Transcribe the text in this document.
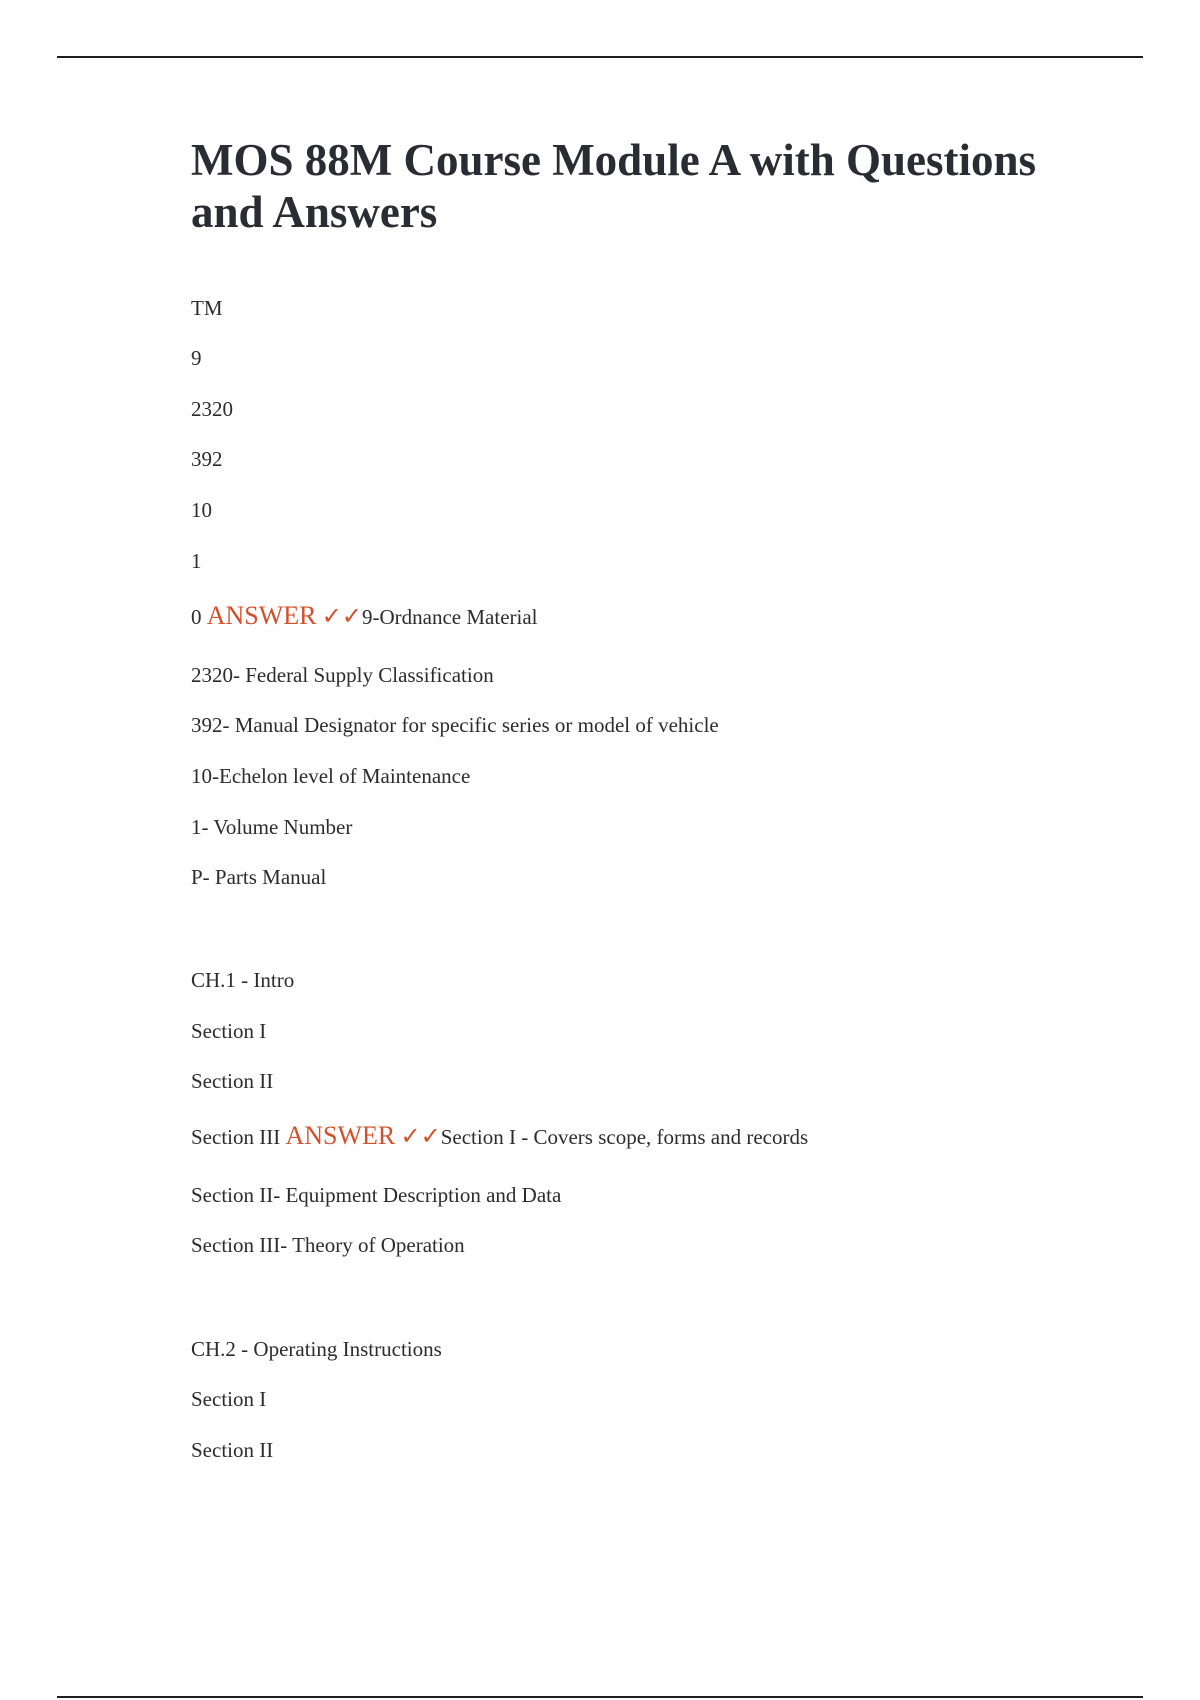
MOS 88M Course Module A with Questions and Answers
TM
9
2320
392
10
1
0 ANSWER ✓✓9-Ordnance Material
2320- Federal Supply Classification
392- Manual Designator for specific series or model of vehicle
10-Echelon level of Maintenance
1- Volume Number
P- Parts Manual
CH.1 - Intro
Section I
Section II
Section III ANSWER ✓✓Section I - Covers scope, forms and records
Section II- Equipment Description and Data
Section III- Theory of Operation
CH.2 - Operating Instructions
Section I
Section II
